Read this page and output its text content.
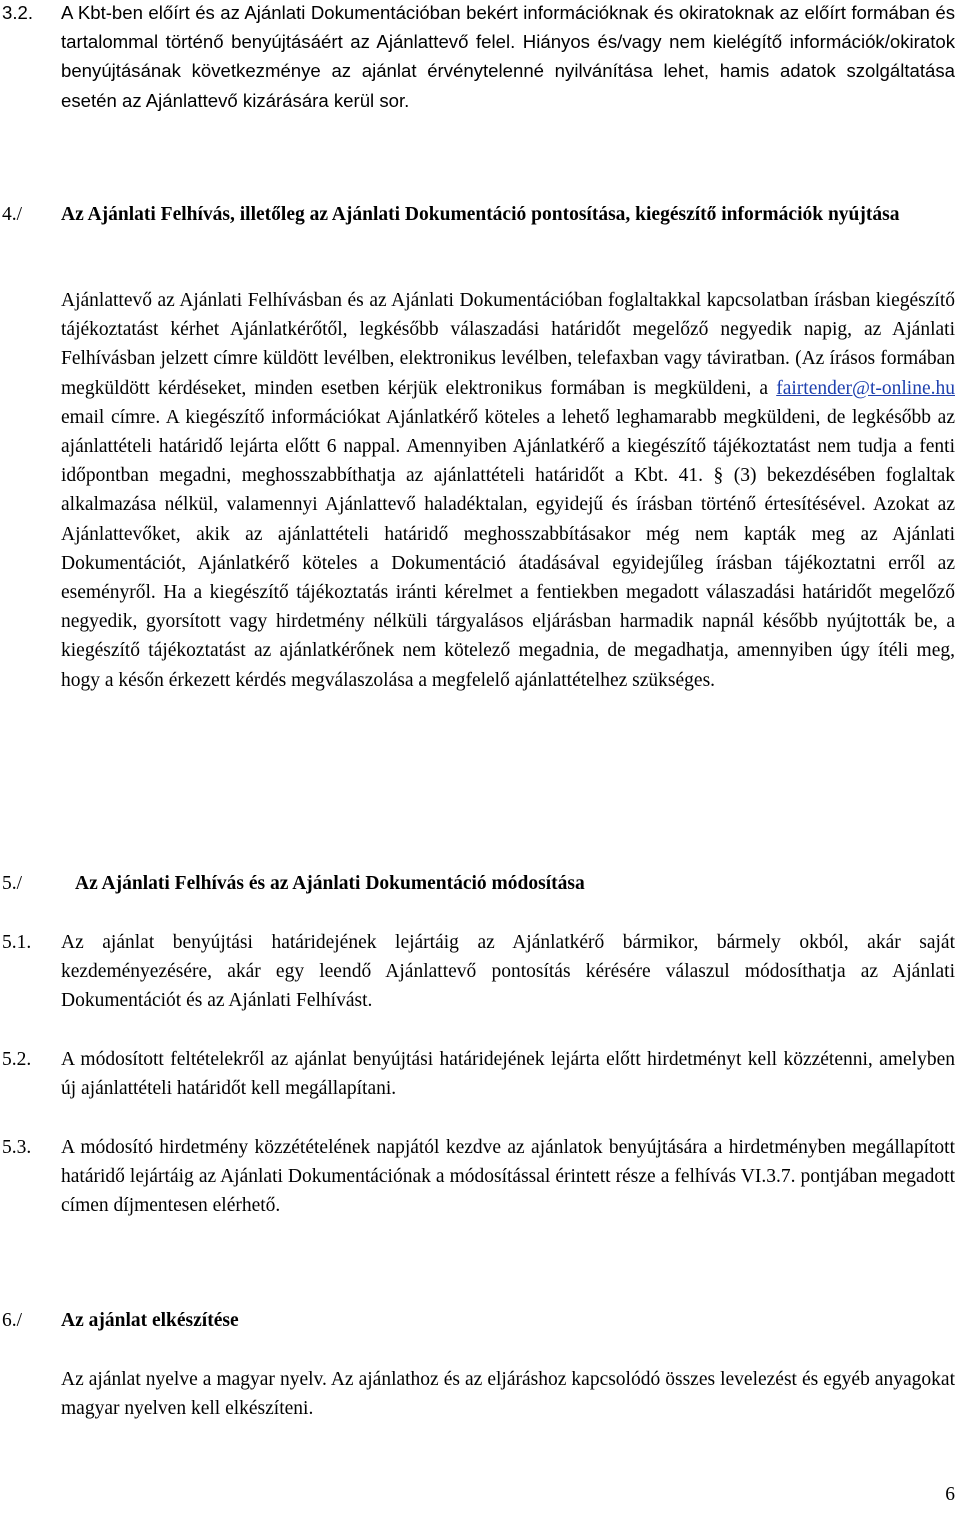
3.2. A Kbt-ben előírt és az Ajánlati Dokumentációban bekért információknak és okiratoknak az előírt formában és tartalommal történő benyújtásáért az Ajánlattevő felel. Hiányos és/vagy nem kielégítő információk/okiratok benyújtásának következménye az ajánlat érvénytelenné nyilvánítása lehet, hamis adatok szolgáltatása esetén az Ajánlattevő kizárására kerül sor.
4./ Az Ajánlati Felhívás, illetőleg az Ajánlati Dokumentáció pontosítása, kiegészítő információk nyújtása
Ajánlattevő az Ajánlati Felhívásban és az Ajánlati Dokumentációban foglaltakkal kapcsolatban írásban kiegészítő tájékoztatást kérhet Ajánlatkérőtől, legkésőbb válaszadási határidőt megelőző negyedik napig, az Ajánlati Felhívásban jelzett címre küldött levélben, elektronikus levélben, telefaxban vagy táviratban. (Az írásos formában megküldött kérdéseket, minden esetben kérjük elektronikus formában is megküldeni, a fairtender@t-online.hu email címre. A kiegészítő információkat Ajánlatkérő köteles a lehető leghamarabb megküldeni, de legkésőbb az ajánlattételi határidő lejárta előtt 6 nappal. Amennyiben Ajánlatkérő a kiegészítő tájékoztatást nem tudja a fenti időpontban megadni, meghosszabbíthatja az ajánlattételi határidőt a Kbt. 41. § (3) bekezdésében foglaltak alkalmazása nélkül, valamennyi Ajánlattevő haladéktalan, egyidejű és írásban történő értesítésével. Azokat az Ajánlattevőket, akik az ajánlattételi határidő meghosszabbításakor még nem kapták meg az Ajánlati Dokumentációt, Ajánlatkérő köteles a Dokumentáció átadásával egyidejűleg írásban tájékoztatni erről az eseményről. Ha a kiegészítő tájékoztatás iránti kérelmet a fentiekben megadott válaszadási határidőt megelőző negyedik, gyorsított vagy hirdetmény nélküli tárgyalásos eljárásban harmadik napnál később nyújtották be, a kiegészítő tájékoztatást az ajánlatkérőnek nem kötelező megadnia, de megadhatja, amennyiben úgy ítéli meg, hogy a későn érkezett kérdés megválaszolása a megfelelő ajánlattételhez szükséges.
5./	Az Ajánlati Felhívás és az Ajánlati Dokumentáció módosítása
5.1. Az ajánlat benyújtási határidejének lejártáig az Ajánlatkérő bármikor, bármely okból, akár saját kezdeményezésére, akár egy leendő Ajánlattevő pontosítás kérésére válaszul módosíthatja az Ajánlati Dokumentációt és az Ajánlati Felhívást.
5.2. A módosított feltételekről az ajánlat benyújtási határidejének lejárta előtt hirdetményt kell közzétenni, amelyben új ajánlattételi határidőt kell megállapítani.
5.3. A módosító hirdetmény közzétételének napjától kezdve az ajánlatok benyújtására a hirdetményben megállapított határidő lejártáig az Ajánlati Dokumentációnak a módosítással érintett része a felhívás VI.3.7. pontjában megadott címen díjmentesen elérhető.
6./ Az ajánlat elkészítése
Az ajánlat nyelve a magyar nyelv. Az ajánlathoz és az eljáráshoz kapcsolódó összes levelezést és egyéb anyagokat magyar nyelven kell elkészíteni.
6
